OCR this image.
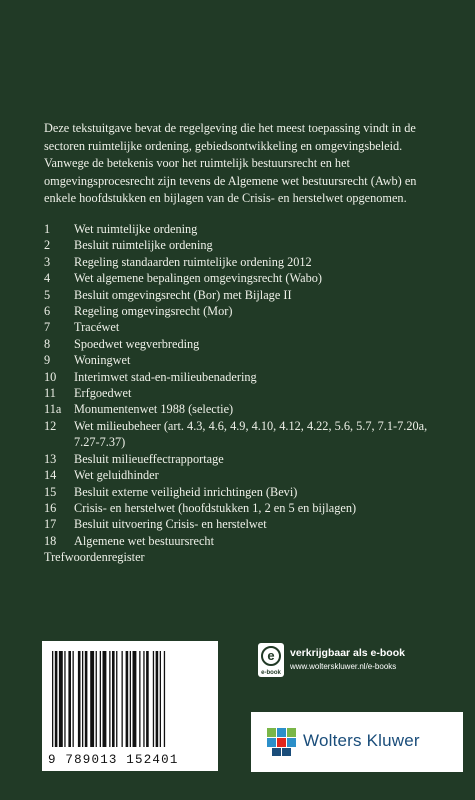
Deze tekstuitgave bevat de regelgeving die het meest toepassing vindt in de sectoren ruimtelijke ordening, gebiedsontwikkeling en omgevingsbeleid. Vanwege de betekenis voor het ruimtelijk bestuursrecht en het omgevingsprocesrecht zijn tevens de Algemene wet bestuursrecht (Awb) en enkele hoofdstukken en bijlagen van de Crisis- en herstelwet opgenomen.

1	Wet ruimtelijke ordening
2	Besluit ruimtelijke ordening
3	Regeling standaarden ruimtelijke ordening 2012
4	Wet algemene bepalingen omgevingsrecht (Wabo)
5	Besluit omgevingsrecht (Bor) met Bijlage II
6	Regeling omgevingsrecht (Mor)
7	Tracéwet
8	Spoedwet wegverbreding
9	Woningwet
10	Interimwet stad-en-milieubenadering
11	Erfgoedwet
11a	Monumentenwet 1988 (selectie)
12	Wet milieubeheer (art. 4.3, 4.6, 4.9, 4.10, 4.12, 4.22, 5.6, 5.7, 7.1-7.20a, 7.27-7.37)
13	Besluit milieueffectrapportage
14	Wet geluidhinder
15	Besluit externe veiligheid inrichtingen (Bevi)
16	Crisis- en herstelwet (hoofdstukken 1, 2 en 5 en bijlagen)
17	Besluit uitvoering Crisis- en herstelwet
18	Algemene wet bestuursrecht
Trefwoordenregister
9 789013 152401
e
e-book
verkrijgbaar als e-book
www.wolterskluwer.nl/e-books
Wolters Kluwer
